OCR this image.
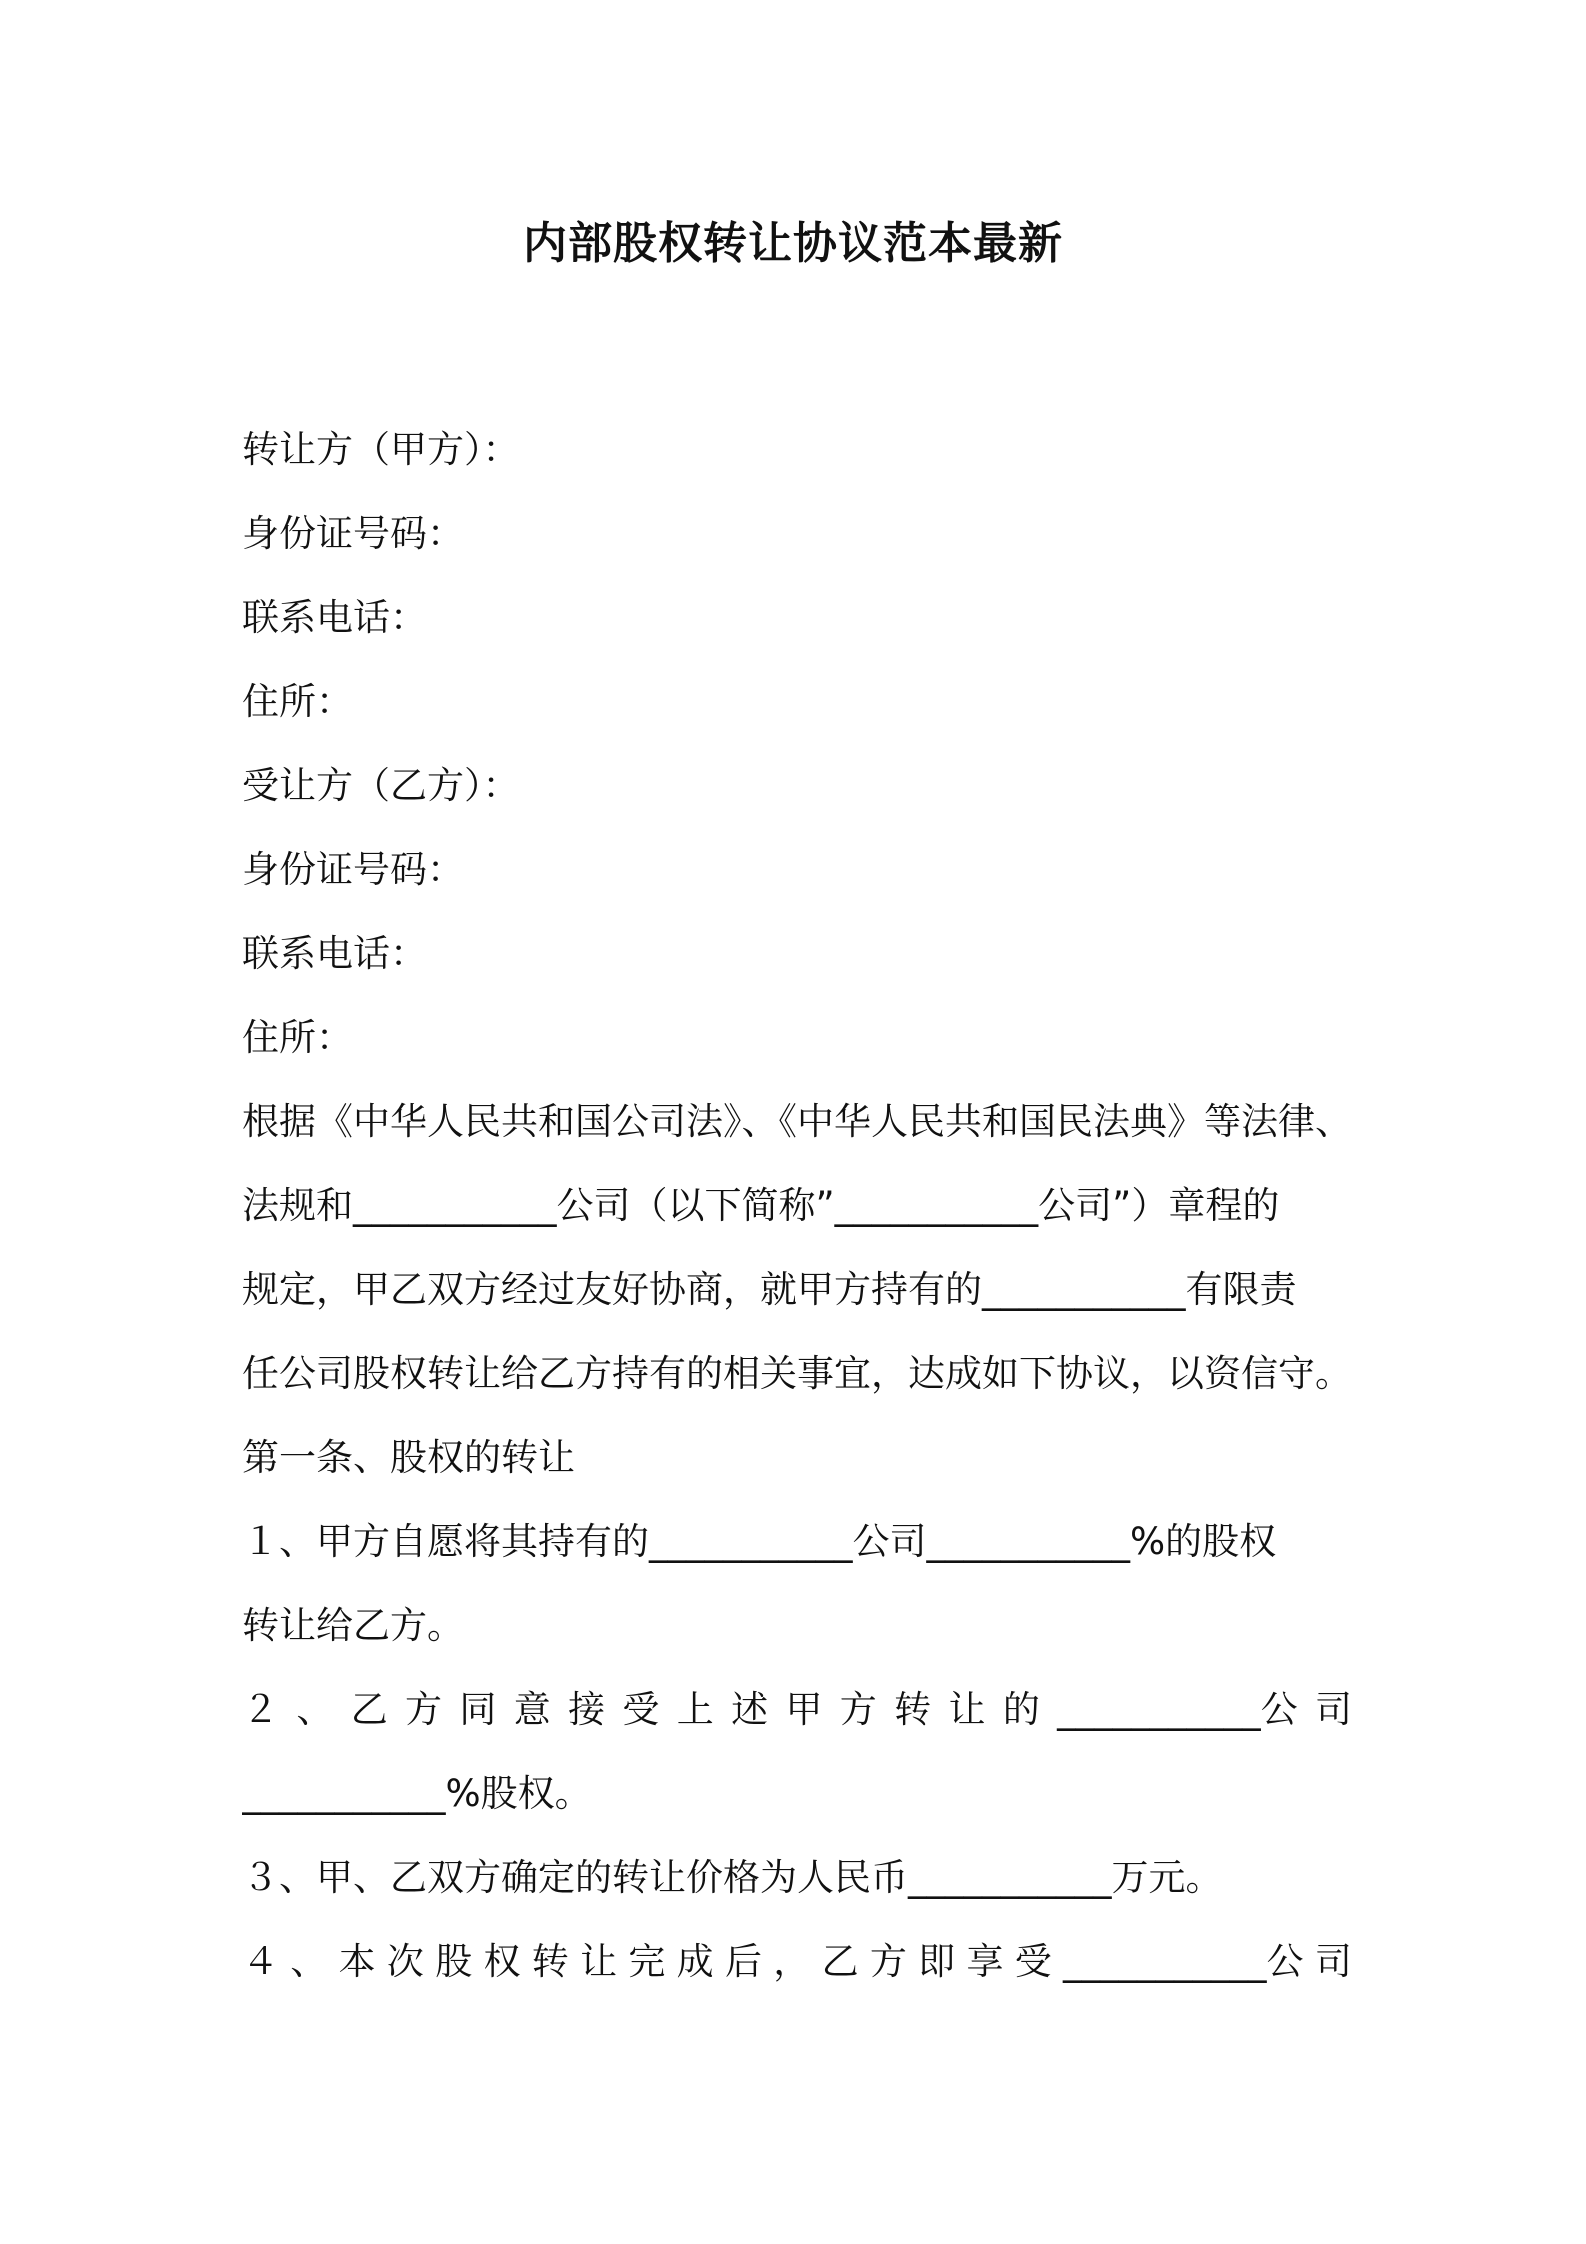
内部股权转让协议范本最新
转让方（甲方）：
身份证号码：
联系电话：
住所：
受让方（乙方）：
身份证号码：
联系电话：
住所：
根据《中华人民共和国公司法》、《中华人民共和国民法典》等法律、
法规和___________公司（以下简称”___________公司”）章程的
规定，甲乙双方经过友好协商，就甲方持有的___________有限责
任公司股权转让给乙方持有的相关事宜，达成如下协议，以资信守。
第一条、股权的转让
１、甲方自愿将其持有的___________公司___________%的股权
转让给乙方。
２ 、 乙 方 同 意 接 受 上 述 甲 方 转 让 的 ___________公 司
___________%股权。
３、甲、乙双方确定的转让价格为人民币___________万元。
４ 、 本 次 股 权 转 让 完 成 后 ， 乙 方 即 享 受 ___________公 司
